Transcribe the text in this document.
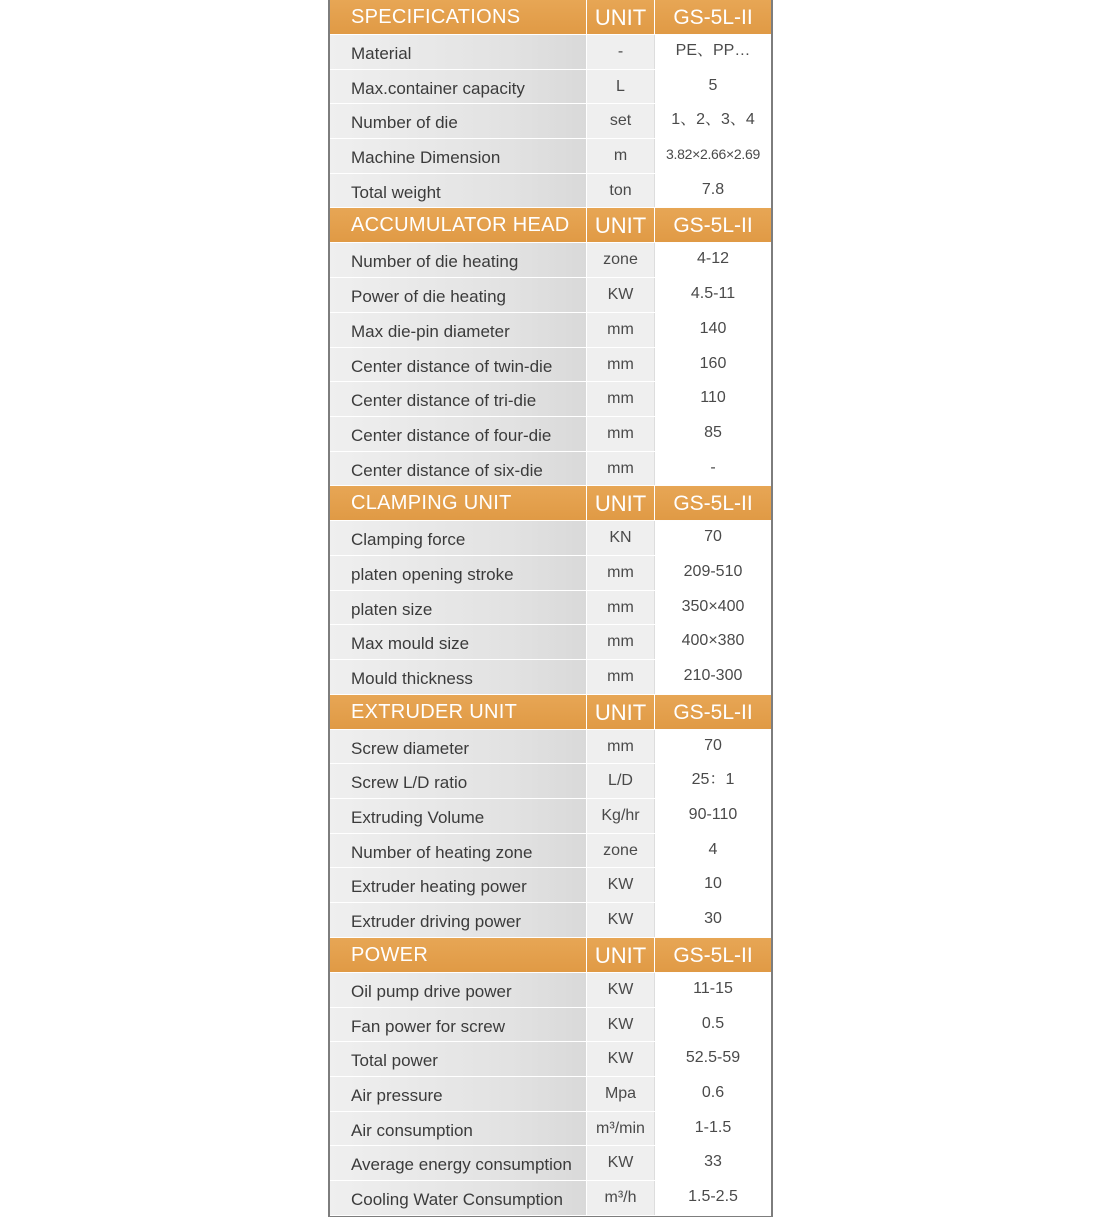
SPECIFICATIONS	UNIT	GS-5L-II
Material	-	PE、PP…
Max.container capacity	L	5
Number of die	set	1、2、3、4
Machine Dimension	m	3.82×2.66×2.69
Total weight	ton	7.8
ACCUMULATOR HEAD	UNIT	GS-5L-II
Number of die heating	zone	4-12
Power of die heating	KW	4.5-11
Max die-pin diameter	mm	140
Center distance of twin-die	mm	160
Center distance of tri-die	mm	110
Center distance of four-die	mm	85
Center distance of six-die	mm	-
CLAMPING UNIT	UNIT	GS-5L-II
Clamping force	KN	70
platen opening stroke	mm	209-510
platen size	mm	350×400
Max mould size	mm	400×380
Mould thickness	mm	210-300
EXTRUDER UNIT	UNIT	GS-5L-II
Screw diameter	mm	70
Screw L/D ratio	L/D	25：1
Extruding Volume	Kg/hr	90-110
Number of heating zone	zone	4
Extruder heating power	KW	10
Extruder driving power	KW	30
POWER	UNIT	GS-5L-II
Oil pump drive power	KW	11-15
Fan power for screw	KW	0.5
Total power	KW	52.5-59
Air pressure	Mpa	0.6
Air consumption	m³/min	1-1.5
Average energy consumption	KW	33
Cooling Water Consumption	m³/h	1.5-2.5
